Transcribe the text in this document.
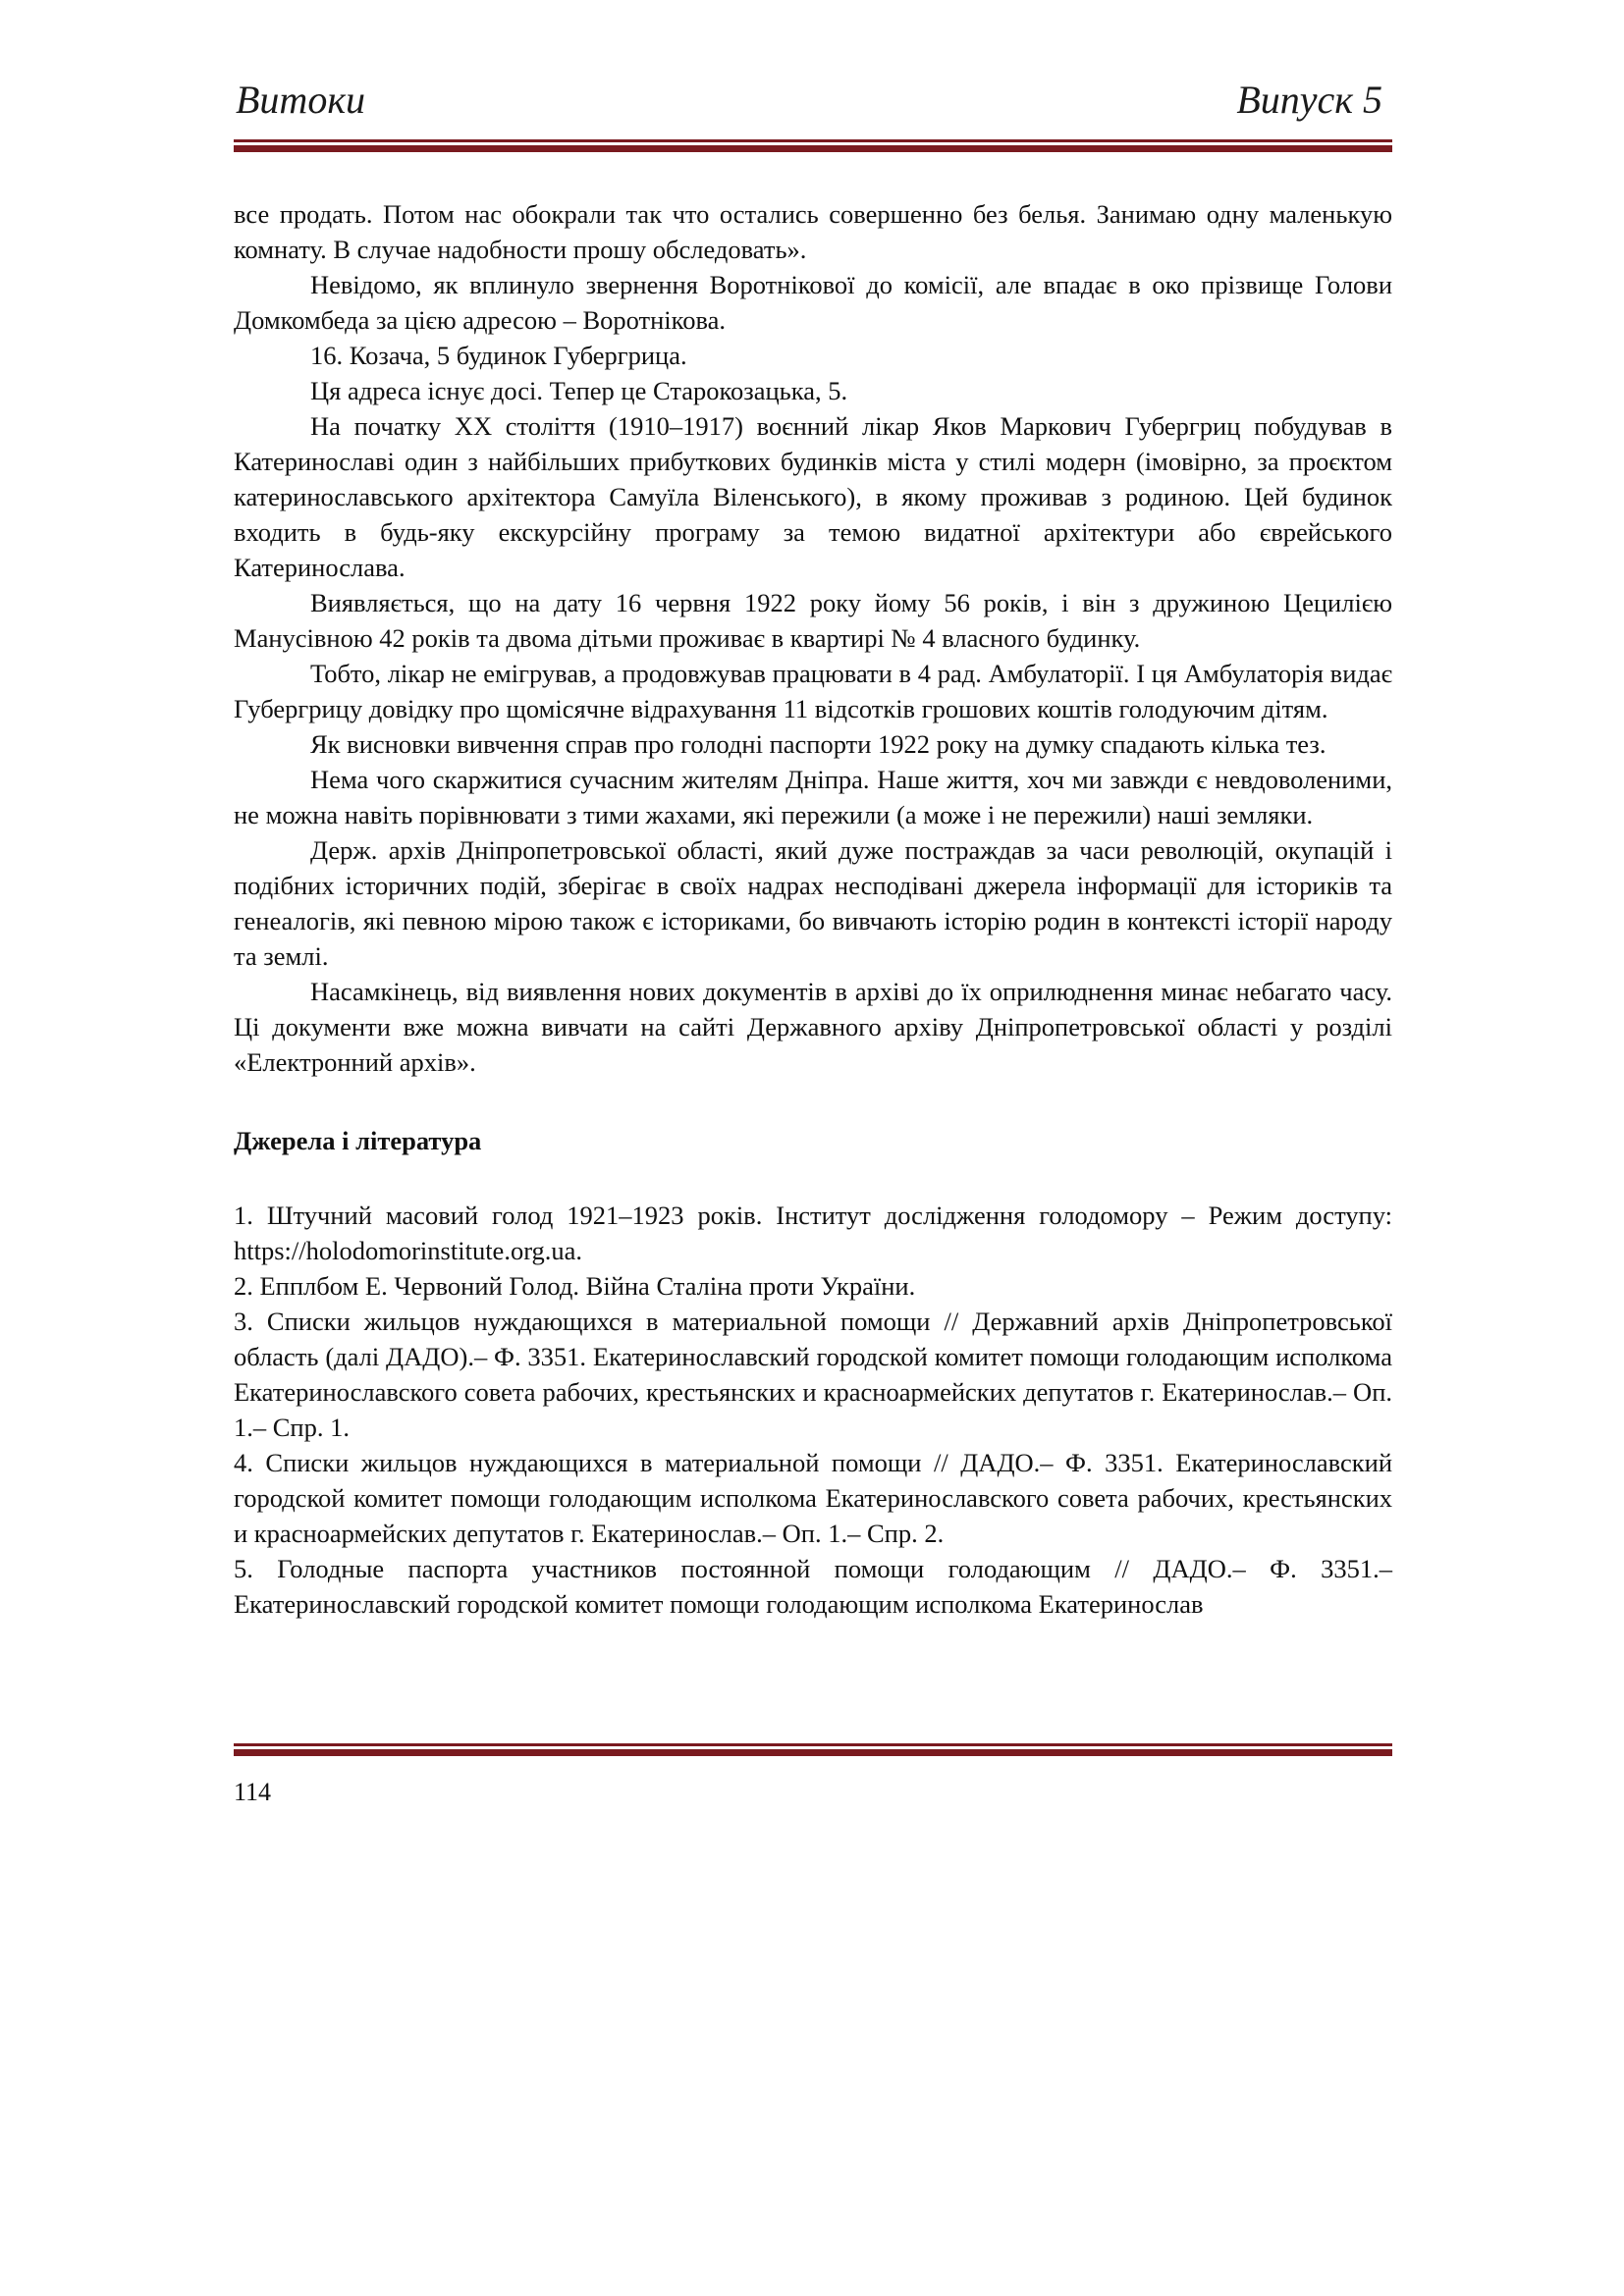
Витоки	Випуск 5

все продать. Потом нас обокрали так что остались совершенно без белья. Занимаю одну маленькую комнату. В случае надобности прошу обследовать».

Невідомо, як вплинуло звернення Воротнікової до комісії, але впадає в око прізвище Голови Домкомбеда за цією адресою – Воротнікова.

16. Козача, 5 будинок Губергрица.

Ця адреса існує досі. Тепер це Старокозацька, 5.

На початку ХХ століття (1910–1917) воєнний лікар Яков Маркович Губергриц побудував в Катеринославі один з найбільших прибуткових будинків міста у стилі модерн (імовірно, за проєктом катеринославського архітектора Самуїла Віленського), в якому проживав з родиною. Цей будинок входить в будь-яку екскурсійну програму за темою видатної архітектури або єврейського Катеринослава.

Виявляється, що на дату 16 червня 1922 року йому 56 років, і він з дружиною Цецилією Манусівною 42 років та двома дітьми проживає в квартирі № 4 власного будинку.

Тобто, лікар не емігрував, а продовжував працювати в 4 рад. Амбулаторії. І ця Амбулаторія видає Губергрицу довідку про щомісячне відрахування 11 відсотків грошових коштів голодуючим дітям.

Як висновки вивчення справ про голодні паспорти 1922 року на думку спадають кілька тез.

Нема чого скаржитися сучасним жителям Дніпра. Наше життя, хоч ми завжди є невдоволеними, не можна навіть порівнювати з тими жахами, які пережили (а може і не пережили) наші земляки.

Держ. архів Дніпропетровської області, який дуже постраждав за часи революцій, окупацій і подібних історичних подій, зберігає в своїх надрах несподівані джерела інформації для істориків та генеалогів, які певною мірою також є істориками, бо вивчають історію родин в контексті історії народу та землі.

Насамкінець, від виявлення нових документів в архіві до їх оприлюднення минає небагато часу. Ці документи вже можна вивчати на сайті Державного архіву Дніпропетровської області у розділі «Електронний архів».

Джерела і література

1. Штучний масовий голод 1921–1923 років. Інститут дослідження голодомору – Режим доступу: https://holodomorinstitute.org.ua.

2. Епплбом Е. Червоний Голод. Війна Сталіна проти України.

3. Списки жильцов нуждающихся в материальной помощи // Державний архів Дніпропетровської область (далі ДАДО).– Ф. 3351. Екатеринославский городской комитет помощи голодающим исполкома Екатеринославского совета рабочих, крестьянских и красноармейских депутатов г. Екатеринослав.– Оп. 1.– Спр. 1.

4. Списки жильцов нуждающихся в материальной помощи // ДАДО.– Ф. 3351. Екатеринославский городской комитет помощи голодающим исполкома Екатеринославского совета рабочих, крестьянских и красноармейских депутатов г. Екатеринослав.– Оп. 1.– Спр. 2.

5. Голодные паспорта участников постоянной помощи голодающим // ДАДО.– Ф. 3351.– Екатеринославский городской комитет помощи голодающим исполкома Екатеринослав

114
